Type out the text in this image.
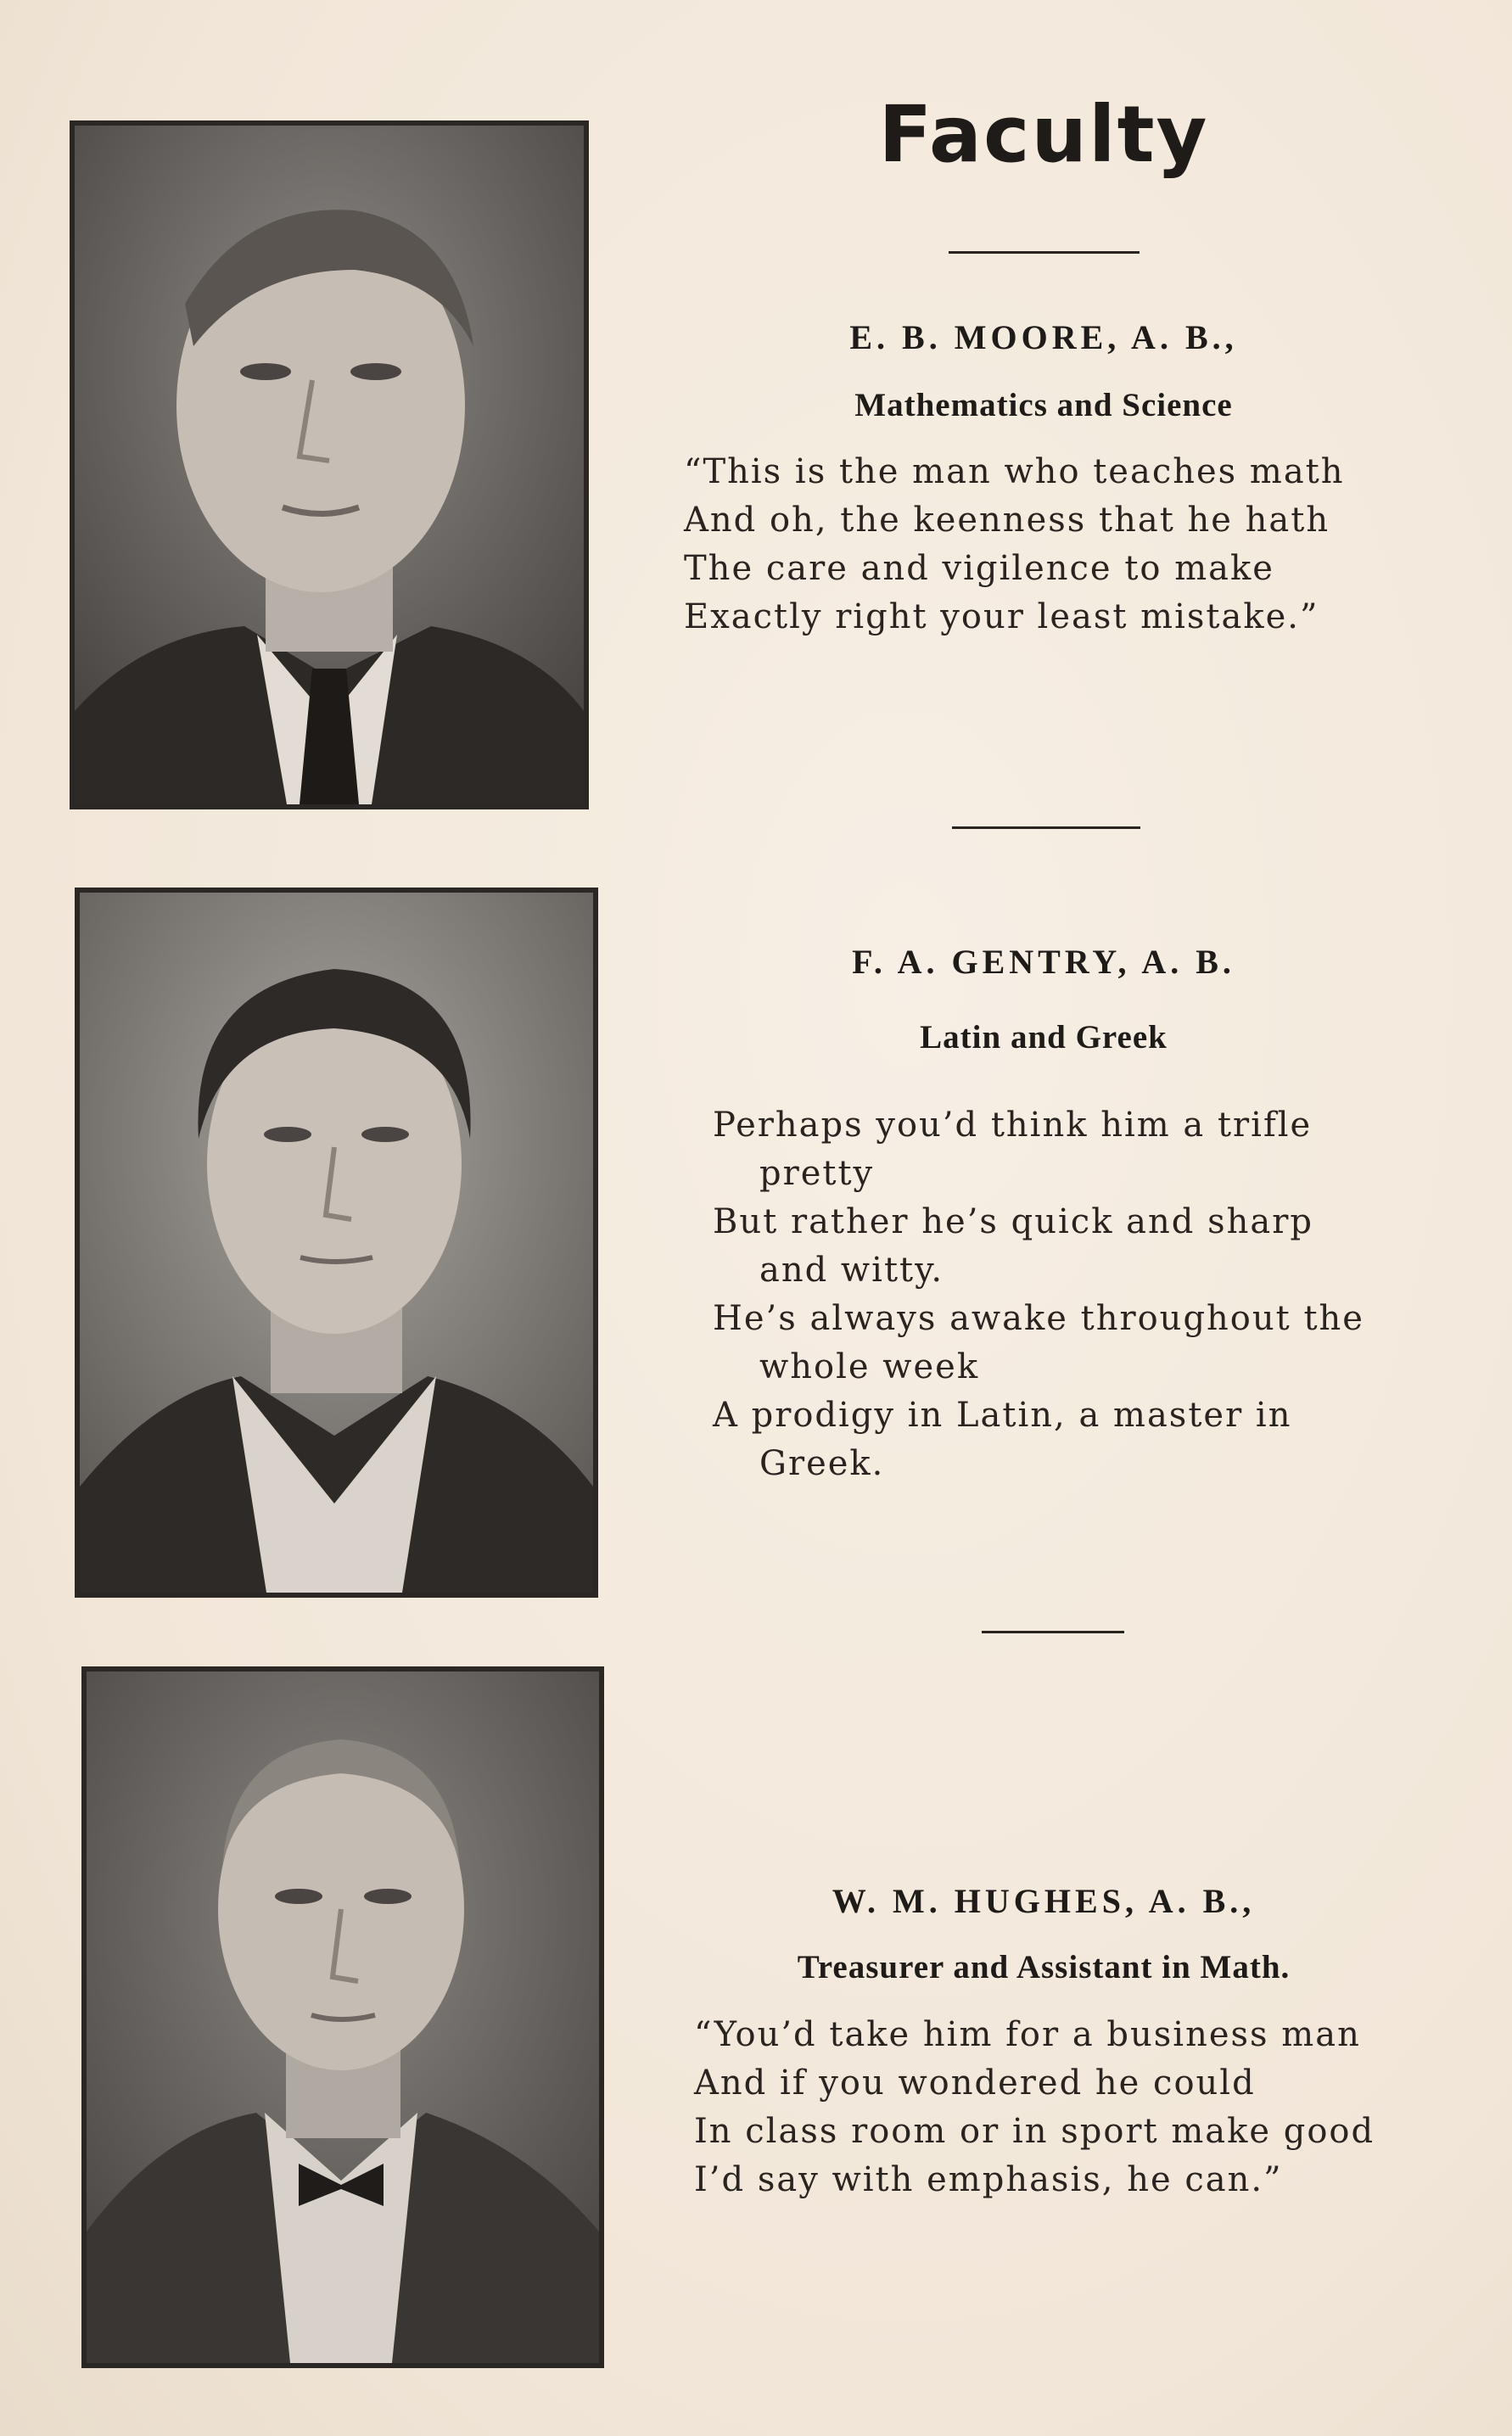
Faculty
E. B. MOORE, A. B.,
Mathematics and Science
“This is the man who teaches math
And oh, the keenness that he hath
The care and vigilence to make
Exactly right your least mistake.”
F. A. GENTRY, A. B.
Latin and Greek
Perhaps you’d think him a trifle
pretty
But rather he’s quick and sharp
and witty.
He’s always awake throughout the
whole week
A prodigy in Latin, a master in
Greek.
W. M. HUGHES, A. B.,
Treasurer and Assistant in Math.
“You’d take him for a business man
And if you wondered he could
In class room or in sport make good
I’d say with emphasis, he can.”
